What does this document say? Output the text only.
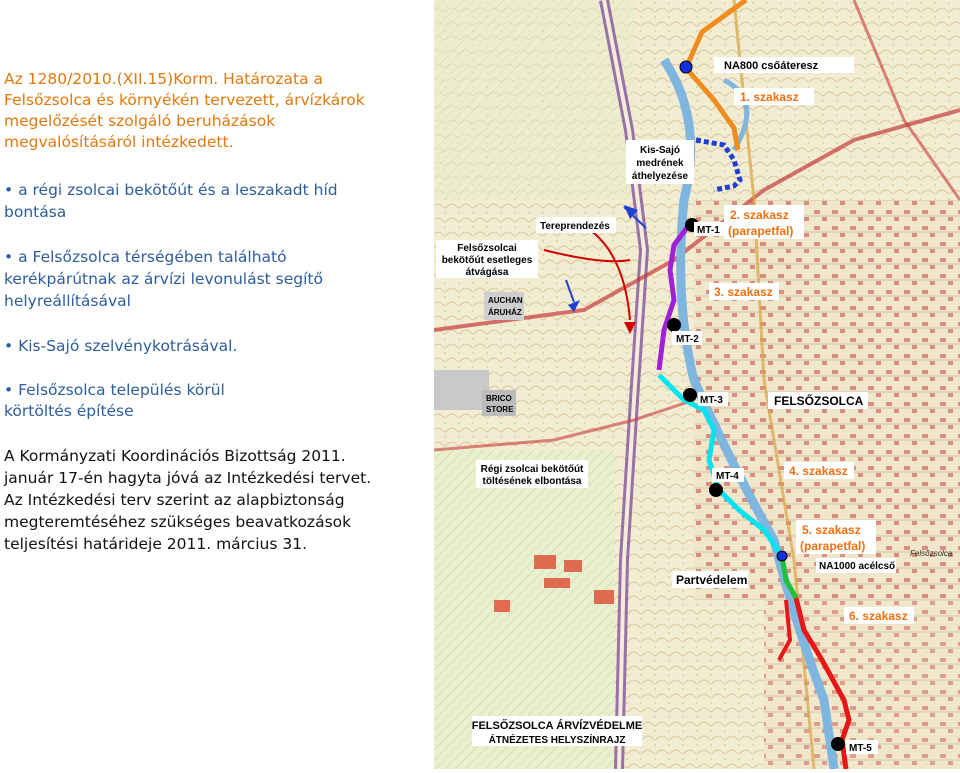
Az 1280/2010.(XII.15)Korm. Határozata a
Felsőzsolca és környékén tervezett, árvízkárok
megelőzését szolgáló beruházások
megvalósításáról intézkedett.
• a régi zsolcai bekötőút és a leszakadt híd
bontása
• a Felsőzsolca térségében található
kerékpárútnak az árvízi levonulást segítő
helyreállításával
• Kis-Sajó szelvénykotrásával.
• Felsőzsolca település körül
körtöltés építése
A Kormányzati Koordinációs Bizottság 2011.
január 17-én hagyta jóvá az Intézkedési tervet.
Az Intézkedési terv szerint az alapbiztonság
megteremtéséhez szükséges beavatkozások
teljesítési határideje 2011. március 31.
NA800 csőáteresz
1. szakasz
Kis-Sajó
medrének
áthelyezése
Tereprendezés	MT-1
2. szakasz
(parapetfal)
Felsőzsolcai
bekötőút esetleges
átvágása
3. szakasz
AUCHAN
ÁRUHÁZ
MT-2
BRICO
STORE
MT-3	FELSŐZSOLCA
Régi zsolcai bekötőút
töltésének elbontása	MT-4	4. szakasz
5. szakasz
(parapetfal)
NA1000 acélcső
Partvédelem
6. szakasz
FELSŐZSOLCA ÁRVÍZVÉDELME
ÁTNÉZETES HELYSZÍNRAJZ
MT-5
Felsőzsolca
